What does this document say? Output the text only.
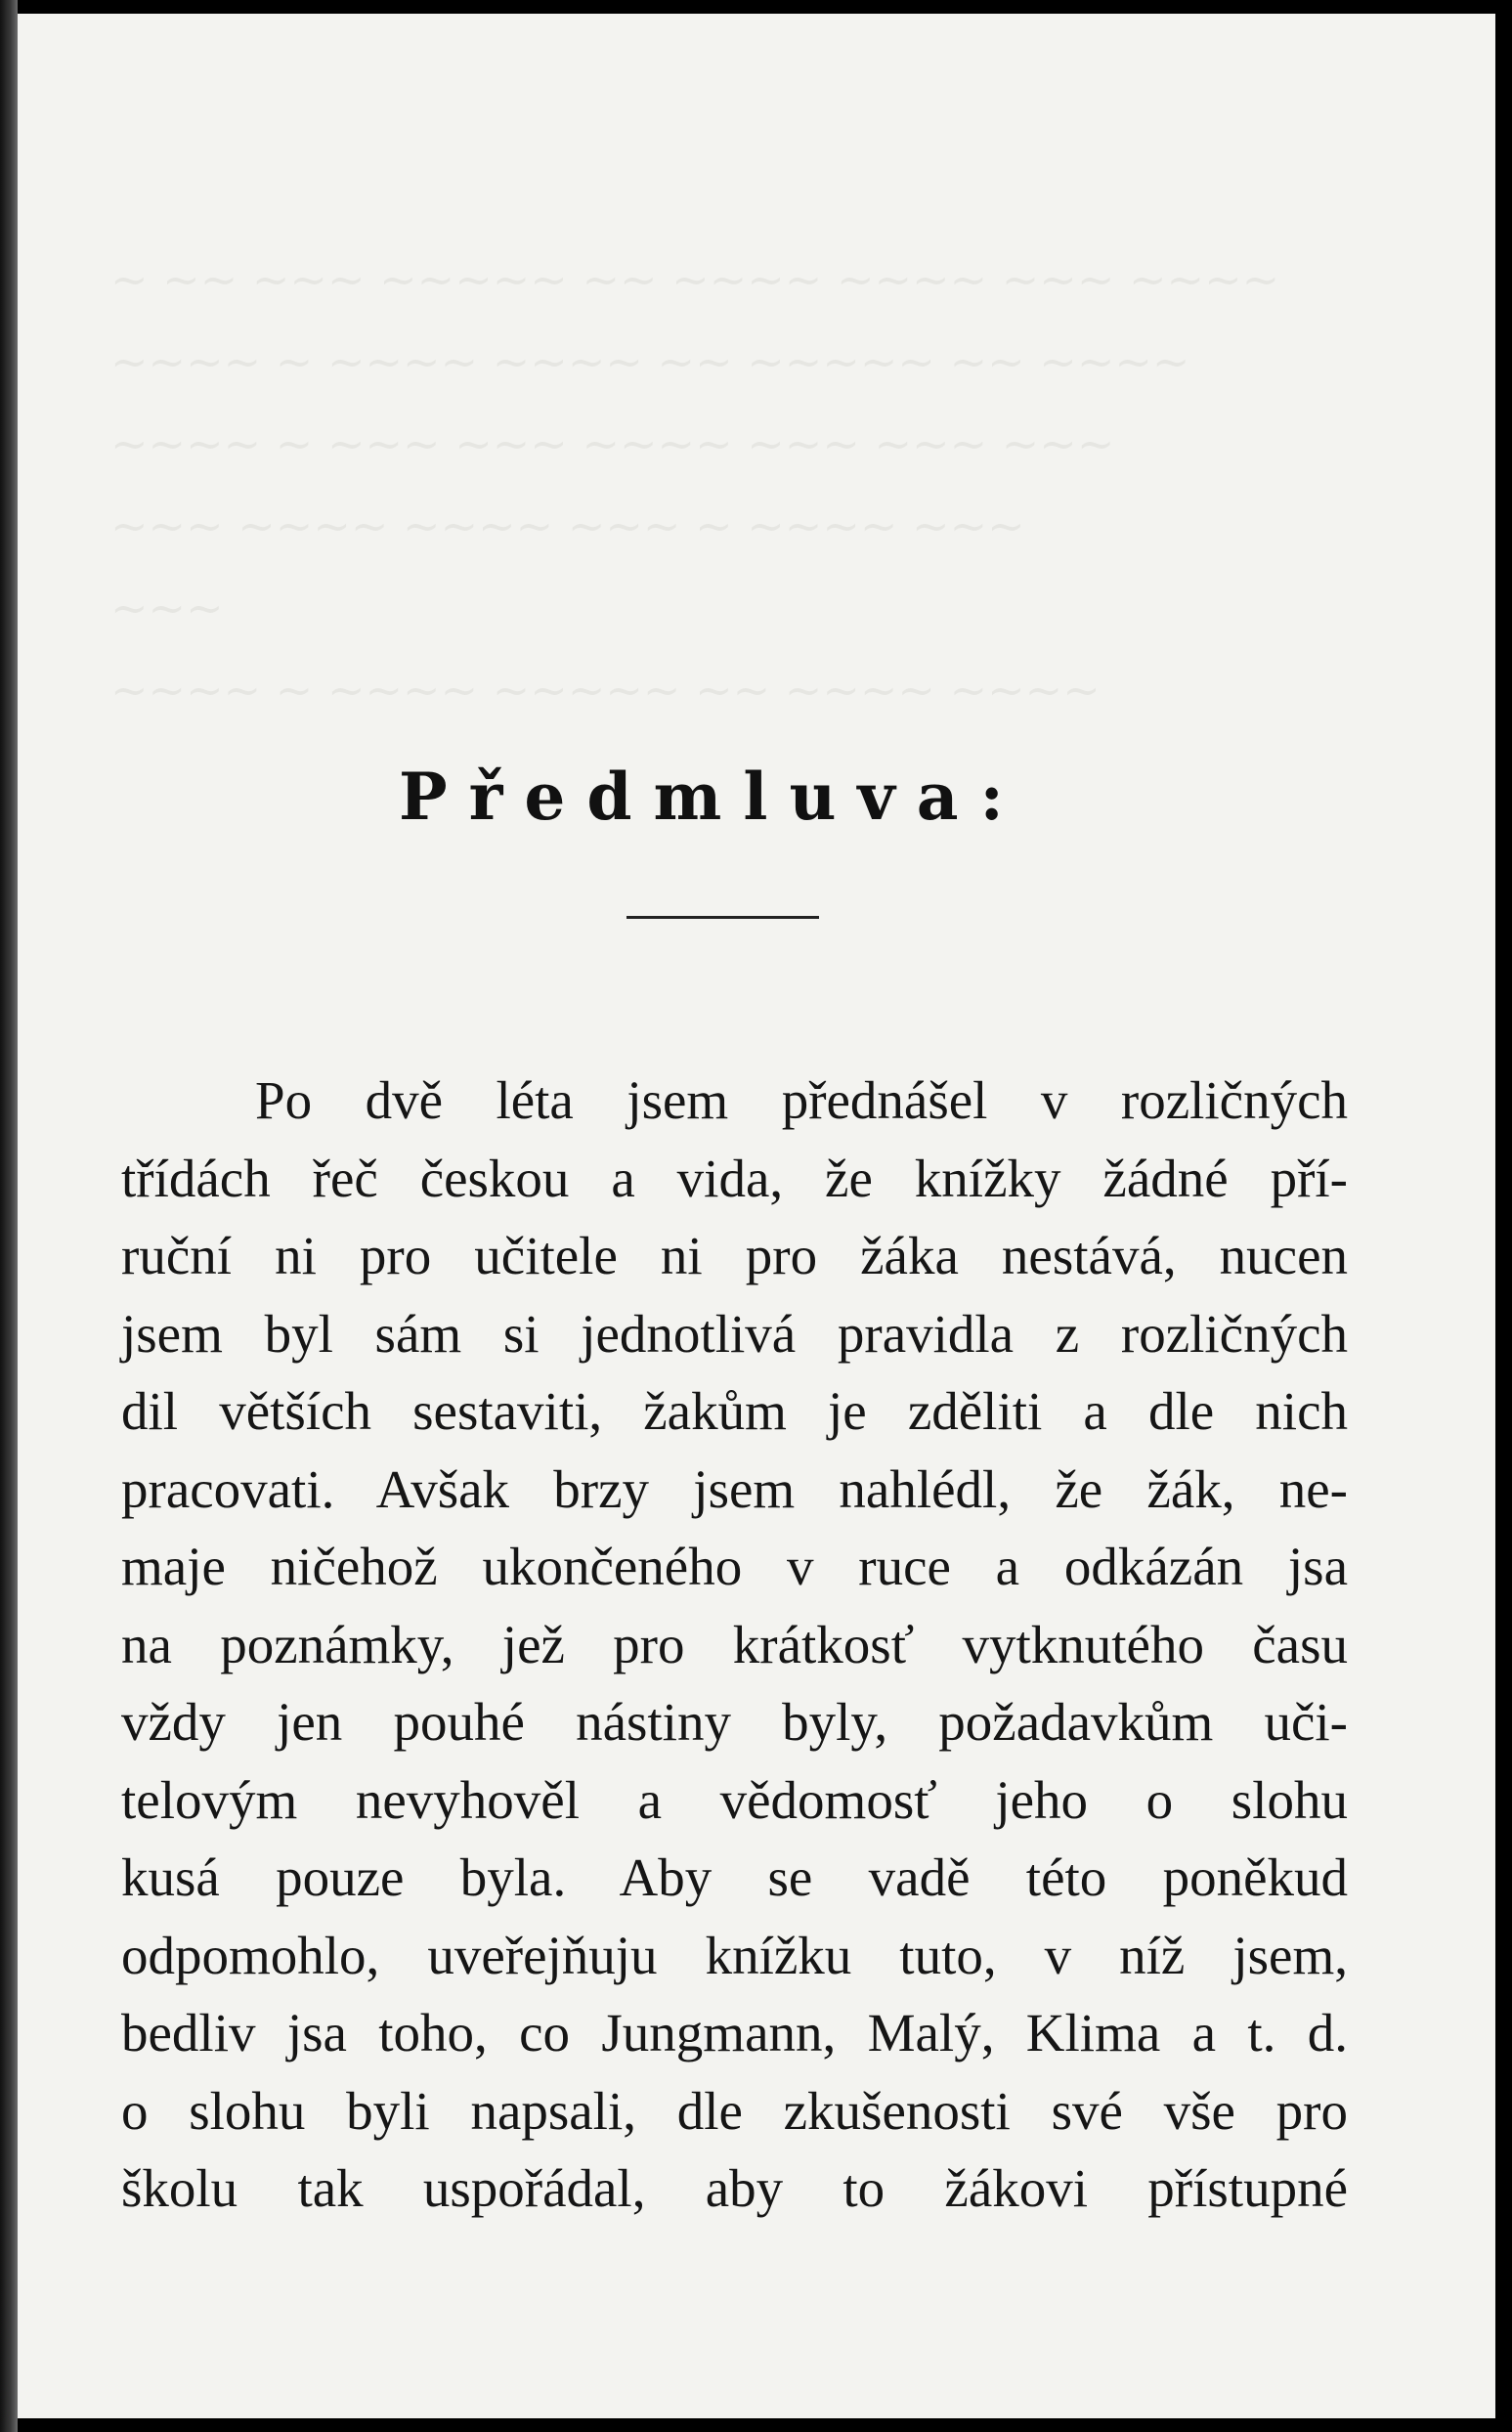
~ ~~ ~~~ ~~~~~ ~~ ~~~~ ~~~~ ~~~ ~~~~
~~~~ ~ ~~~~ ~~~~ ~~ ~~~~~ ~~ ~~~~
~~~~ ~ ~~~ ~~~ ~~~~ ~~~ ~~~ ~~~
~~~ ~~~~ ~~~~ ~~~ ~ ~~~~ ~~~
~~~
~~~~ ~ ~~~~ ~~~~~ ~~ ~~~~ ~~~~
Předmluva:
Po dvě léta jsem přednášel v rozličných
třídách řeč českou a vida, že knížky žádné pří-
ruční ni pro učitele ni pro žáka nestává, nucen
jsem byl sám si jednotlivá pravidla z rozličných
dil větších sestaviti, žakům je zděliti a dle nich
pracovati. Avšak brzy jsem nahlédl, že žák, ne-
maje ničehož ukončeného v ruce a odkázán jsa
na poznámky, jež pro krátkosť vytknutého času
vždy jen pouhé nástiny byly, požadavkům uči-
telovým nevyhověl a vědomosť jeho o slohu
kusá pouze byla. Aby se vadě této poněkud
odpomohlo, uveřejňuju knížku tuto, v níž jsem,
bedliv jsa toho, co Jungmann, Malý, Klima a t. d.
o slohu byli napsali, dle zkušenosti své vše pro
školu tak uspořádal, aby to žákovi přístupné
